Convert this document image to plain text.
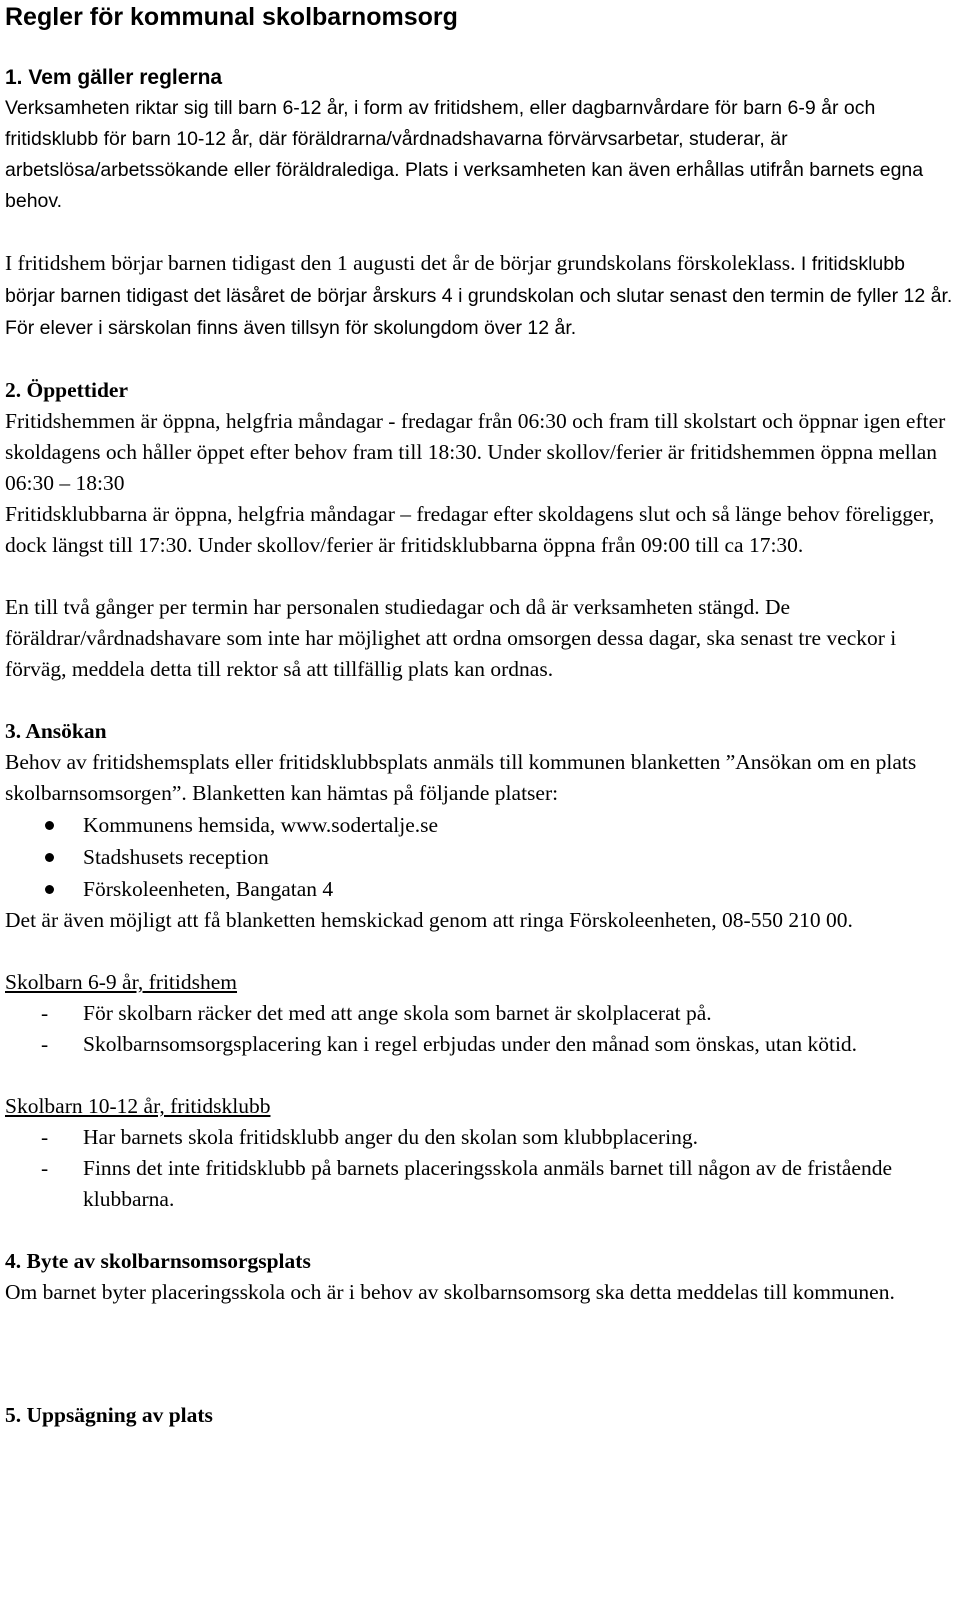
Regler för kommunal skolbarnomsorg
1. Vem gäller reglerna

Verksamheten riktar sig till barn 6-12 år, i form av fritidshem, eller dagbarnvårdare för barn 6-9 år och fritidsklubb för barn 10-12 år, där föräldrarna/vårdnadshavarna förvärvsarbetar, studerar, är arbetslösa/arbetssökande eller föräldralediga. Plats i verksamheten kan även erhållas utifrån barnets egna behov.

I fritidshem börjar barnen tidigast den 1 augusti det år de börjar grundskolans förskoleklass. I fritidsklubb börjar barnen tidigast det läsåret de börjar årskurs 4 i grundskolan och slutar senast den termin de fyller 12 år. För elever i särskolan finns även tillsyn för skolungdom över 12 år.

2. Öppettider

Fritidshemmen är öppna, helgfria måndagar - fredagar från 06:30 och fram till skolstart och öppnar igen efter skoldagens och håller öppet efter behov fram till 18:30. Under skollov/ferier är fritidshemmen öppna mellan 06:30 – 18:30

Fritidsklubbarna är öppna, helgfria måndagar – fredagar efter skoldagens slut och så länge behov föreligger, dock längst till 17:30. Under skollov/ferier är fritidsklubbarna öppna från 09:00 till ca 17:30.

En till två gånger per termin har personalen studiedagar och då är verksamheten stängd. De föräldrar/vårdnadshavare som inte har möjlighet att ordna omsorgen dessa dagar, ska senast tre veckor i förväg, meddela detta till rektor så att tillfällig plats kan ordnas.

3. Ansökan

Behov av fritidshemsplats eller fritidsklubbsplats anmäls till kommunen blanketten ”Ansökan om en plats skolbarnsomsorgen”. Blanketten kan hämtas på följande platser:

Kommunens hemsida, www.sodertalje.se
Stadshusets reception
Förskoleenheten, Bangatan 4

Det är även möjligt att få blanketten hemskickad genom att ringa Förskoleenheten, 08-550 210 00.

Skolbarn 6-9 år, fritidshem
- För skolbarn räcker det med att ange skola som barnet är skolplacerat på.
- Skolbarnsomsorgsplacering kan i regel erbjudas under den månad som önskas, utan kötid.
Skolbarn 10-12 år, fritidsklubb
- Har barnets skola fritidsklubb anger du den skolan som klubbplacering.
- Finns det inte fritidsklubb på barnets placeringsskola anmäls barnet till någon av de fristående klubbarna.
4. Byte av skolbarnsomsorgsplats

Om barnet byter placeringsskola och är i behov av skolbarnsomsorg ska detta meddelas till kommunen.

5. Uppsägning av plats
